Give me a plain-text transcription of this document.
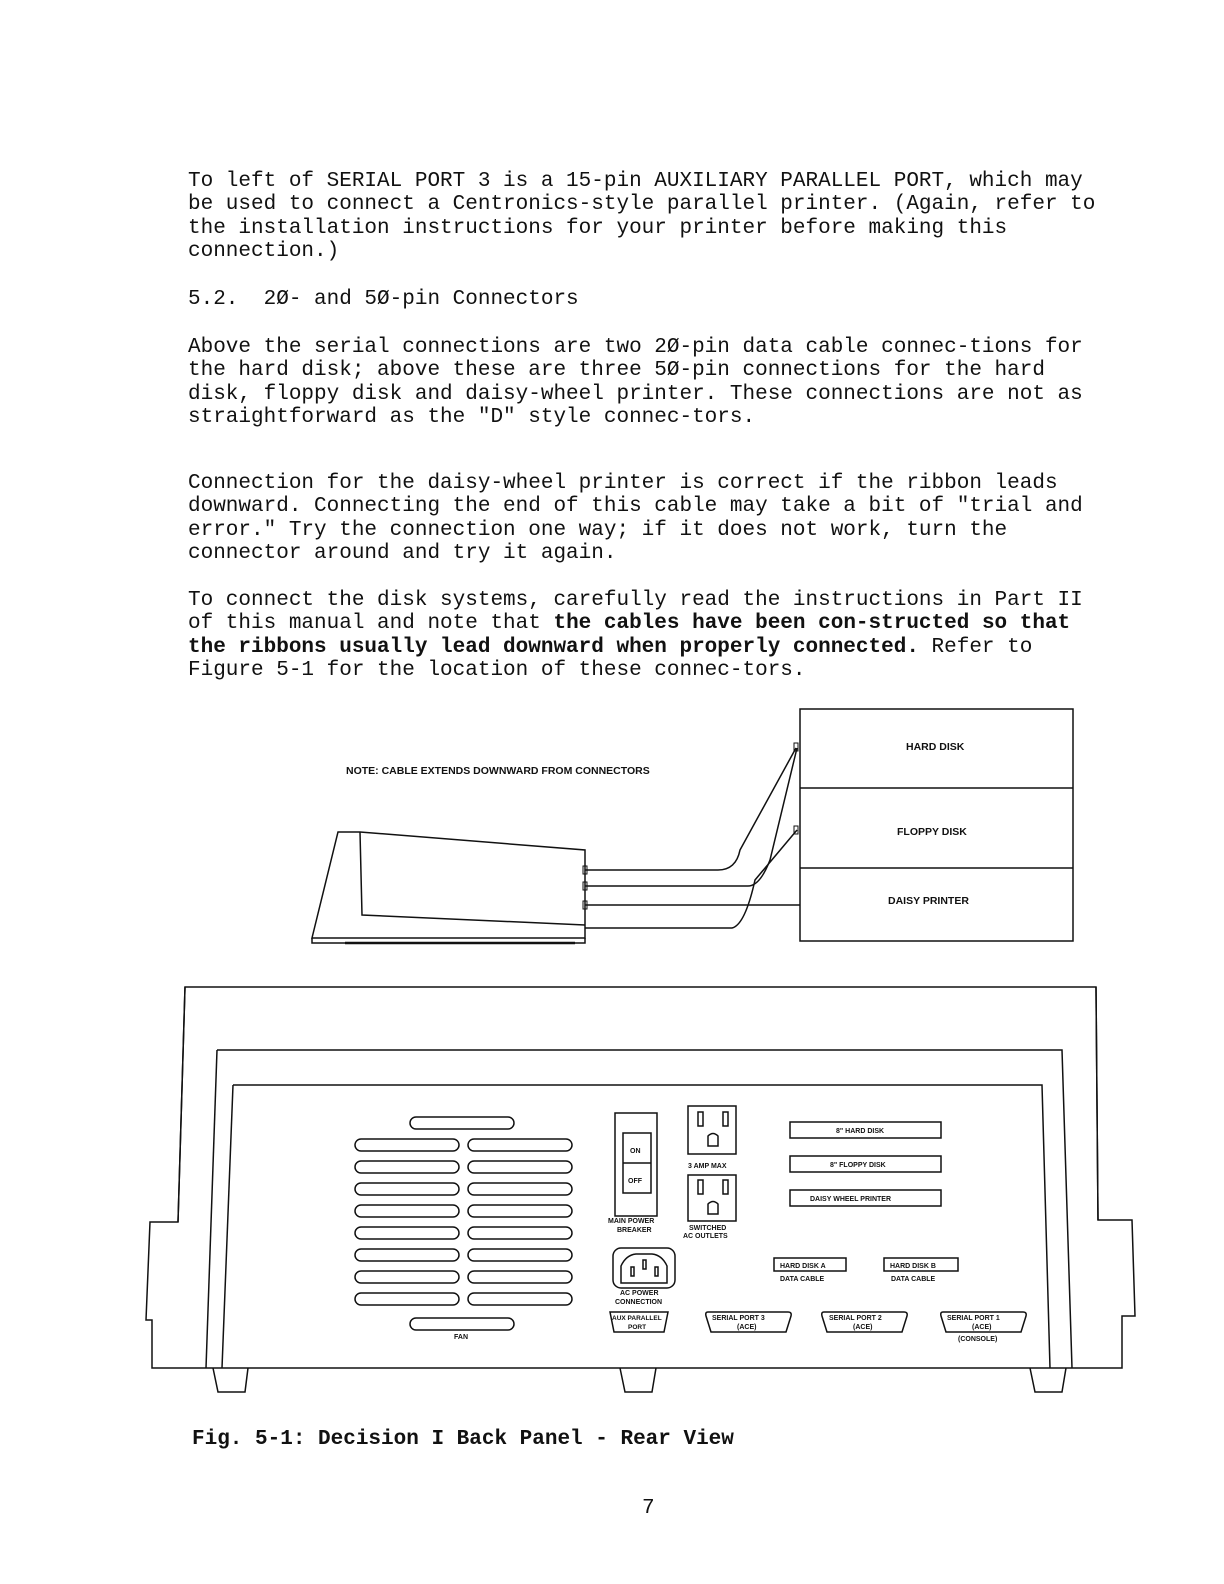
To left of SERIAL PORT 3 is a 15-pin AUXILIARY PARALLEL PORT, which may be used to connect a Centronics-style parallel printer. (Again, refer to the installation instructions for your printer before making this connection.)

5.2.  2Ø- and 5Ø-pin Connectors

Above the serial connections are two 2Ø-pin data cable connec-tions for the hard disk; above these are three 5Ø-pin connections for the hard disk, floppy disk and daisy-wheel printer. These connections are not as straightforward as the "D" style connec-tors.

Connection for the daisy-wheel printer is correct if the ribbon leads downward. Connecting the end of this cable may take a bit of "trial and error." Try the connection one way; if it does not work, turn the connector around and try it again.

To connect the disk systems, carefully read the instructions in Part II of this manual and note that the cables have been con-structed so that the ribbons usually lead downward when properly connected. Refer to Figure 5-1 for the location of these connec-tors.

NOTE: CABLE EXTENDS DOWNWARD FROM CONNECTORS
HARD DISK
FLOPPY DISK
DAISY PRINTER
FAN
ON
OFF
MAIN POWER
BREAKER
3 AMP MAX
SWITCHED
AC OUTLETS
AC POWER
CONNECTION
AUX PARALLEL
PORT
8" HARD DISK
8" FLOPPY DISK
DAISY WHEEL PRINTER
HARD DISK A
DATA CABLE
HARD DISK B
DATA CABLE
SERIAL PORT 3
(ACE)
SERIAL PORT 2
(ACE)
SERIAL PORT 1
(ACE)
(CONSOLE)

Fig. 5-1: Decision I Back Panel - Rear View

7
